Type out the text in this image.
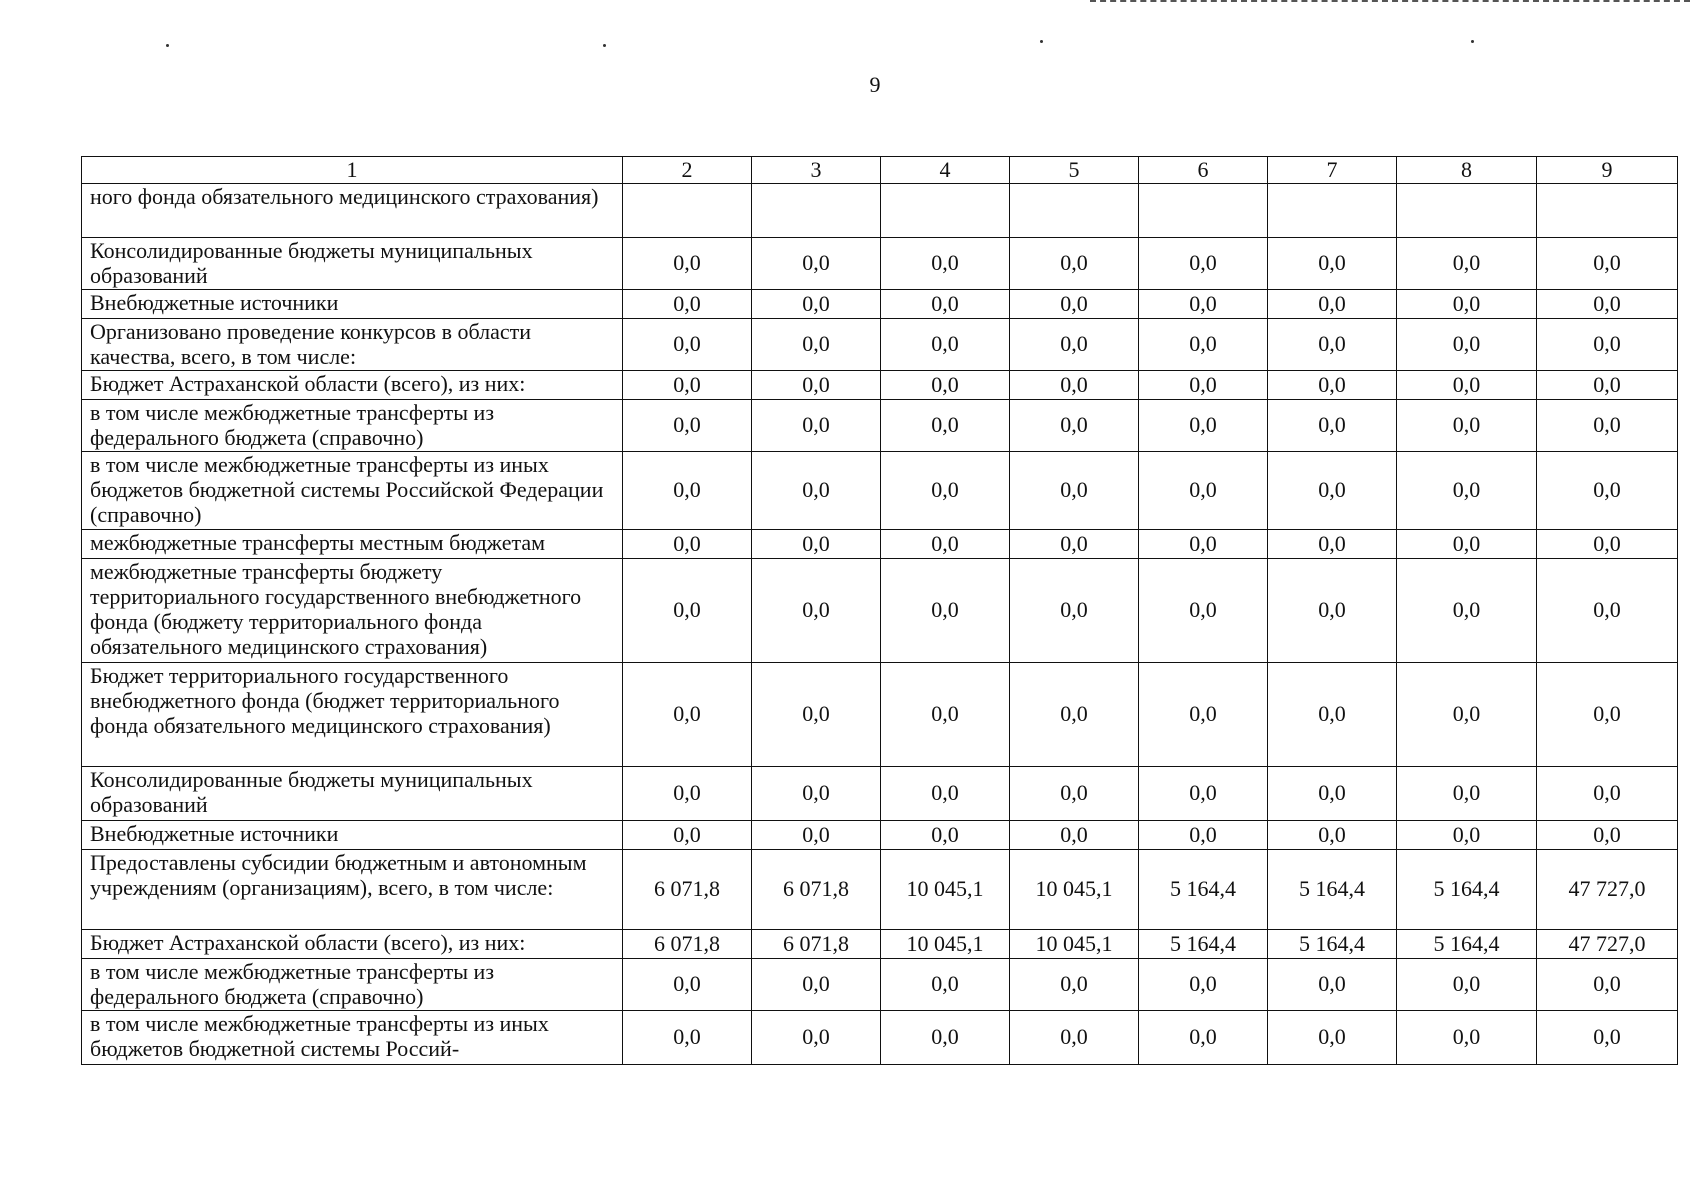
9
1	2	3	4	5	6	7	8	9
ного фонда обязательного медицинского страхования)								
Консолидированные бюджеты муниципальных образований	0,0	0,0	0,0	0,0	0,0	0,0	0,0	0,0
Внебюджетные источники	0,0	0,0	0,0	0,0	0,0	0,0	0,0	0,0
Организовано проведение конкурсов в области качества, всего, в том числе:	0,0	0,0	0,0	0,0	0,0	0,0	0,0	0,0
Бюджет Астраханской области (всего), из них:	0,0	0,0	0,0	0,0	0,0	0,0	0,0	0,0
в том числе межбюджетные трансферты из федерального бюджета (справочно)	0,0	0,0	0,0	0,0	0,0	0,0	0,0	0,0
в том числе межбюджетные трансферты из иных бюджетов бюджетной системы Российской Федерации (справочно)	0,0	0,0	0,0	0,0	0,0	0,0	0,0	0,0
межбюджетные трансферты местным бюджетам	0,0	0,0	0,0	0,0	0,0	0,0	0,0	0,0
межбюджетные трансферты бюджету территориального государственного внебюджетного фонда (бюджету территориального фонда обязательного медицинского страхования)	0,0	0,0	0,0	0,0	0,0	0,0	0,0	0,0
Бюджет территориального государственного внебюджетного фонда (бюджет территориального фонда обязательного медицинского страхования)	0,0	0,0	0,0	0,0	0,0	0,0	0,0	0,0
Консолидированные бюджеты муниципальных образований	0,0	0,0	0,0	0,0	0,0	0,0	0,0	0,0
Внебюджетные источники	0,0	0,0	0,0	0,0	0,0	0,0	0,0	0,0
Предоставлены субсидии бюджетным и автономным учреждениям (организациям), всего, в том числе:	6 071,8	6 071,8	10 045,1	10 045,1	5 164,4	5 164,4	5 164,4	47 727,0
Бюджет Астраханской области (всего), из них:	6 071,8	6 071,8	10 045,1	10 045,1	5 164,4	5 164,4	5 164,4	47 727,0
в том числе межбюджетные трансферты из федерального бюджета (справочно)	0,0	0,0	0,0	0,0	0,0	0,0	0,0	0,0
в том числе межбюджетные трансферты из иных бюджетов бюджетной системы Россий-	0,0	0,0	0,0	0,0	0,0	0,0	0,0	0,0
